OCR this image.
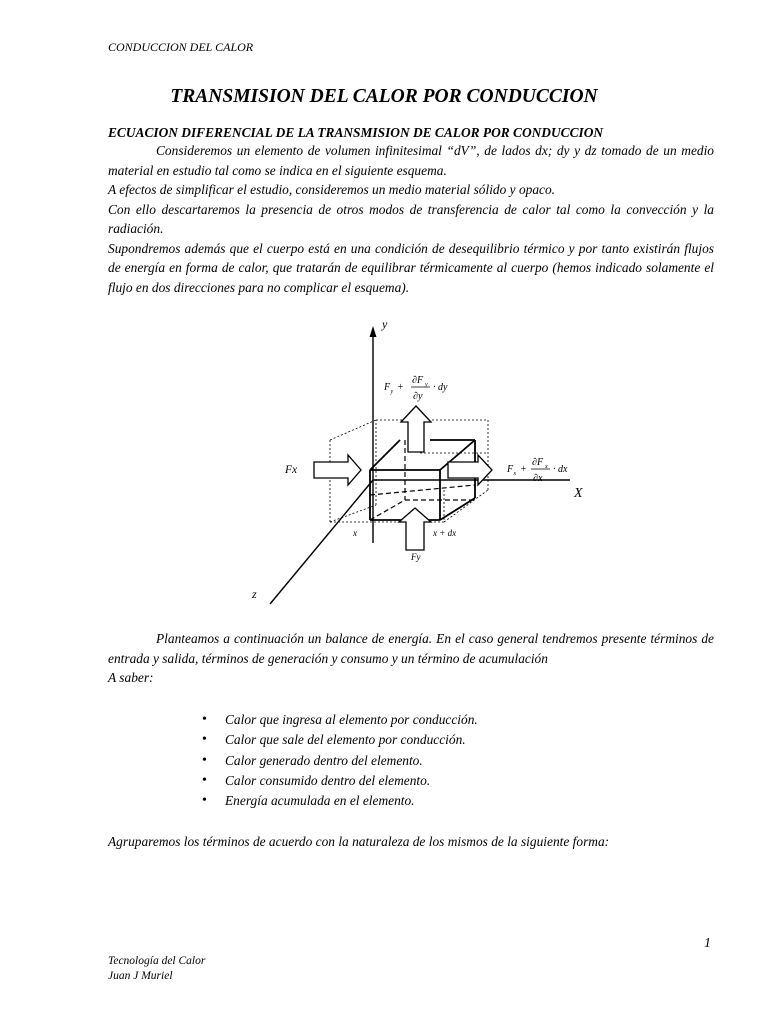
CONDUCCION DEL CALOR
TRANSMISION DEL CALOR POR CONDUCCION
ECUACION DIFERENCIAL DE LA TRANSMISION DE CALOR POR CONDUCCION

Consideremos un elemento de volumen infinitesimal “dV”, de lados dx; dy y dz tomado de un medio material en estudio tal como se indica en el siguiente esquema.

A efectos de simplificar el estudio, consideremos un medio material sólido y opaco.

Con ello descartaremos la presencia de otros modos de transferencia de calor tal como la convección y la radiación.

Supondremos además que el cuerpo está en una condición de desequilibrio térmico y por tanto existirán flujos de energía en forma de calor, que tratarán de equilibrar térmicamente al cuerpo (hemos indicado solamente el flujo en dos direcciones para no complicar el esquema).

y
X
z
Fx
Fy
x	x + dx
F y +
∂F y
∂y
· dy
F x +
∂F x
∂x
· dx

Planteamos a continuación un balance de energía. En el caso general tendremos presente términos de entrada y salida, términos de generación y consumo y un término de acumulación

A saber:

• Calor que ingresa al elemento por conducción.
• Calor que sale del elemento por conducción.
• Calor generado dentro del elemento.
• Calor consumido dentro del elemento.
• Energía acumulada en el elemento.
Agruparemos los términos de acuerdo con la naturaleza de los mismos de la siguiente forma:
1
Tecnología del Calor
Juan J Muriel
